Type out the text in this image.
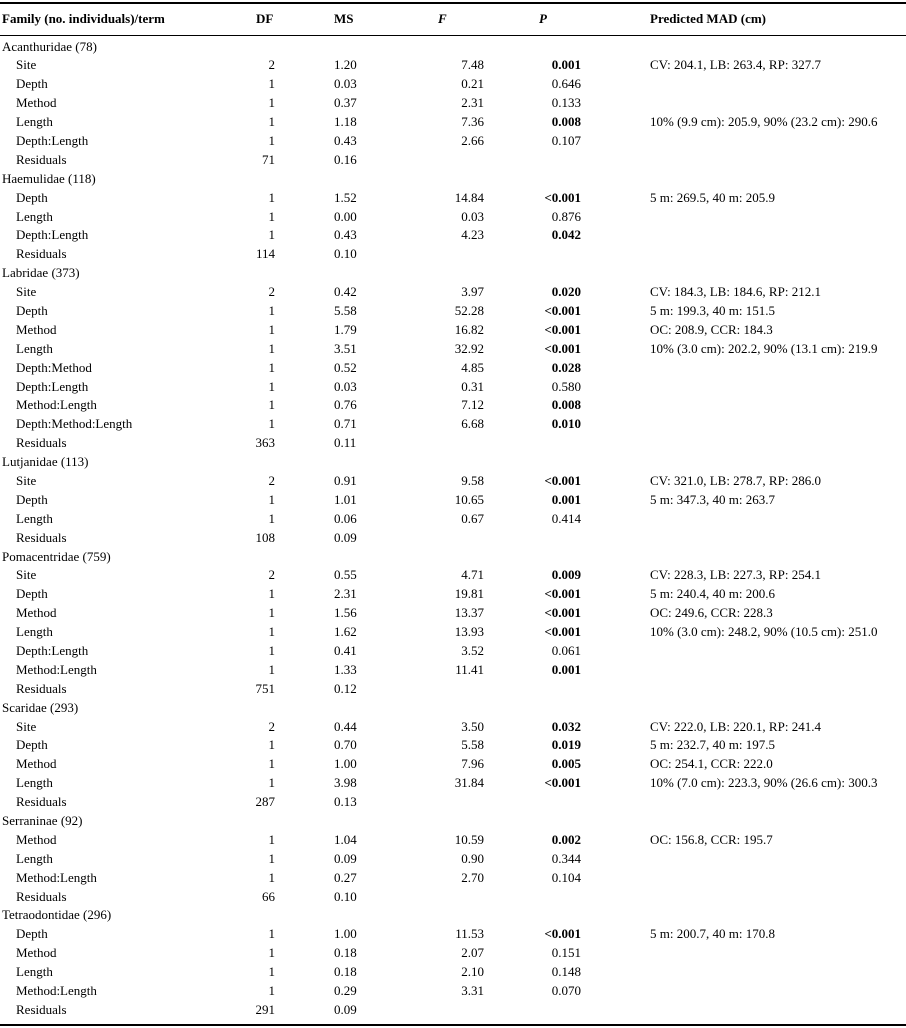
Family (no. individuals)/term	DF	MS	F	P	Predicted MAD (cm)
Acanthuridae (78)
Site	2	1.20	7.48	0.001	CV: 204.1, LB: 263.4, RP: 327.7
Depth	1	0.03	0.21	0.646
Method	1	0.37	2.31	0.133
Length	1	1.18	7.36	0.008	10% (9.9 cm): 205.9, 90% (23.2 cm): 290.6
Depth:Length	1	0.43	2.66	0.107
Residuals	71	0.16
Haemulidae (118)
Depth	1	1.52	14.84	<0.001	5 m: 269.5, 40 m: 205.9
Length	1	0.00	0.03	0.876
Depth:Length	1	0.43	4.23	0.042
Residuals	114	0.10
Labridae (373)
Site	2	0.42	3.97	0.020	CV: 184.3, LB: 184.6, RP: 212.1
Depth	1	5.58	52.28	<0.001	5 m: 199.3, 40 m: 151.5
Method	1	1.79	16.82	<0.001	OC: 208.9, CCR: 184.3
Length	1	3.51	32.92	<0.001	10% (3.0 cm): 202.2, 90% (13.1 cm): 219.9
Depth:Method	1	0.52	4.85	0.028
Depth:Length	1	0.03	0.31	0.580
Method:Length	1	0.76	7.12	0.008
Depth:Method:Length	1	0.71	6.68	0.010
Residuals	363	0.11
Lutjanidae (113)
Site	2	0.91	9.58	<0.001	CV: 321.0, LB: 278.7, RP: 286.0
Depth	1	1.01	10.65	0.001	5 m: 347.3, 40 m: 263.7
Length	1	0.06	0.67	0.414
Residuals	108	0.09
Pomacentridae (759)
Site	2	0.55	4.71	0.009	CV: 228.3, LB: 227.3, RP: 254.1
Depth	1	2.31	19.81	<0.001	5 m: 240.4, 40 m: 200.6
Method	1	1.56	13.37	<0.001	OC: 249.6, CCR: 228.3
Length	1	1.62	13.93	<0.001	10% (3.0 cm): 248.2, 90% (10.5 cm): 251.0
Depth:Length	1	0.41	3.52	0.061
Method:Length	1	1.33	11.41	0.001
Residuals	751	0.12
Scaridae (293)
Site	2	0.44	3.50	0.032	CV: 222.0, LB: 220.1, RP: 241.4
Depth	1	0.70	5.58	0.019	5 m: 232.7, 40 m: 197.5
Method	1	1.00	7.96	0.005	OC: 254.1, CCR: 222.0
Length	1	3.98	31.84	<0.001	10% (7.0 cm): 223.3, 90% (26.6 cm): 300.3
Residuals	287	0.13
Serraninae (92)
Method	1	1.04	10.59	0.002	OC: 156.8, CCR: 195.7
Length	1	0.09	0.90	0.344
Method:Length	1	0.27	2.70	0.104
Residuals	66	0.10
Tetraodontidae (296)
Depth	1	1.00	11.53	<0.001	5 m: 200.7, 40 m: 170.8
Method	1	0.18	2.07	0.151
Length	1	0.18	2.10	0.148
Method:Length	1	0.29	3.31	0.070
Residuals	291	0.09
